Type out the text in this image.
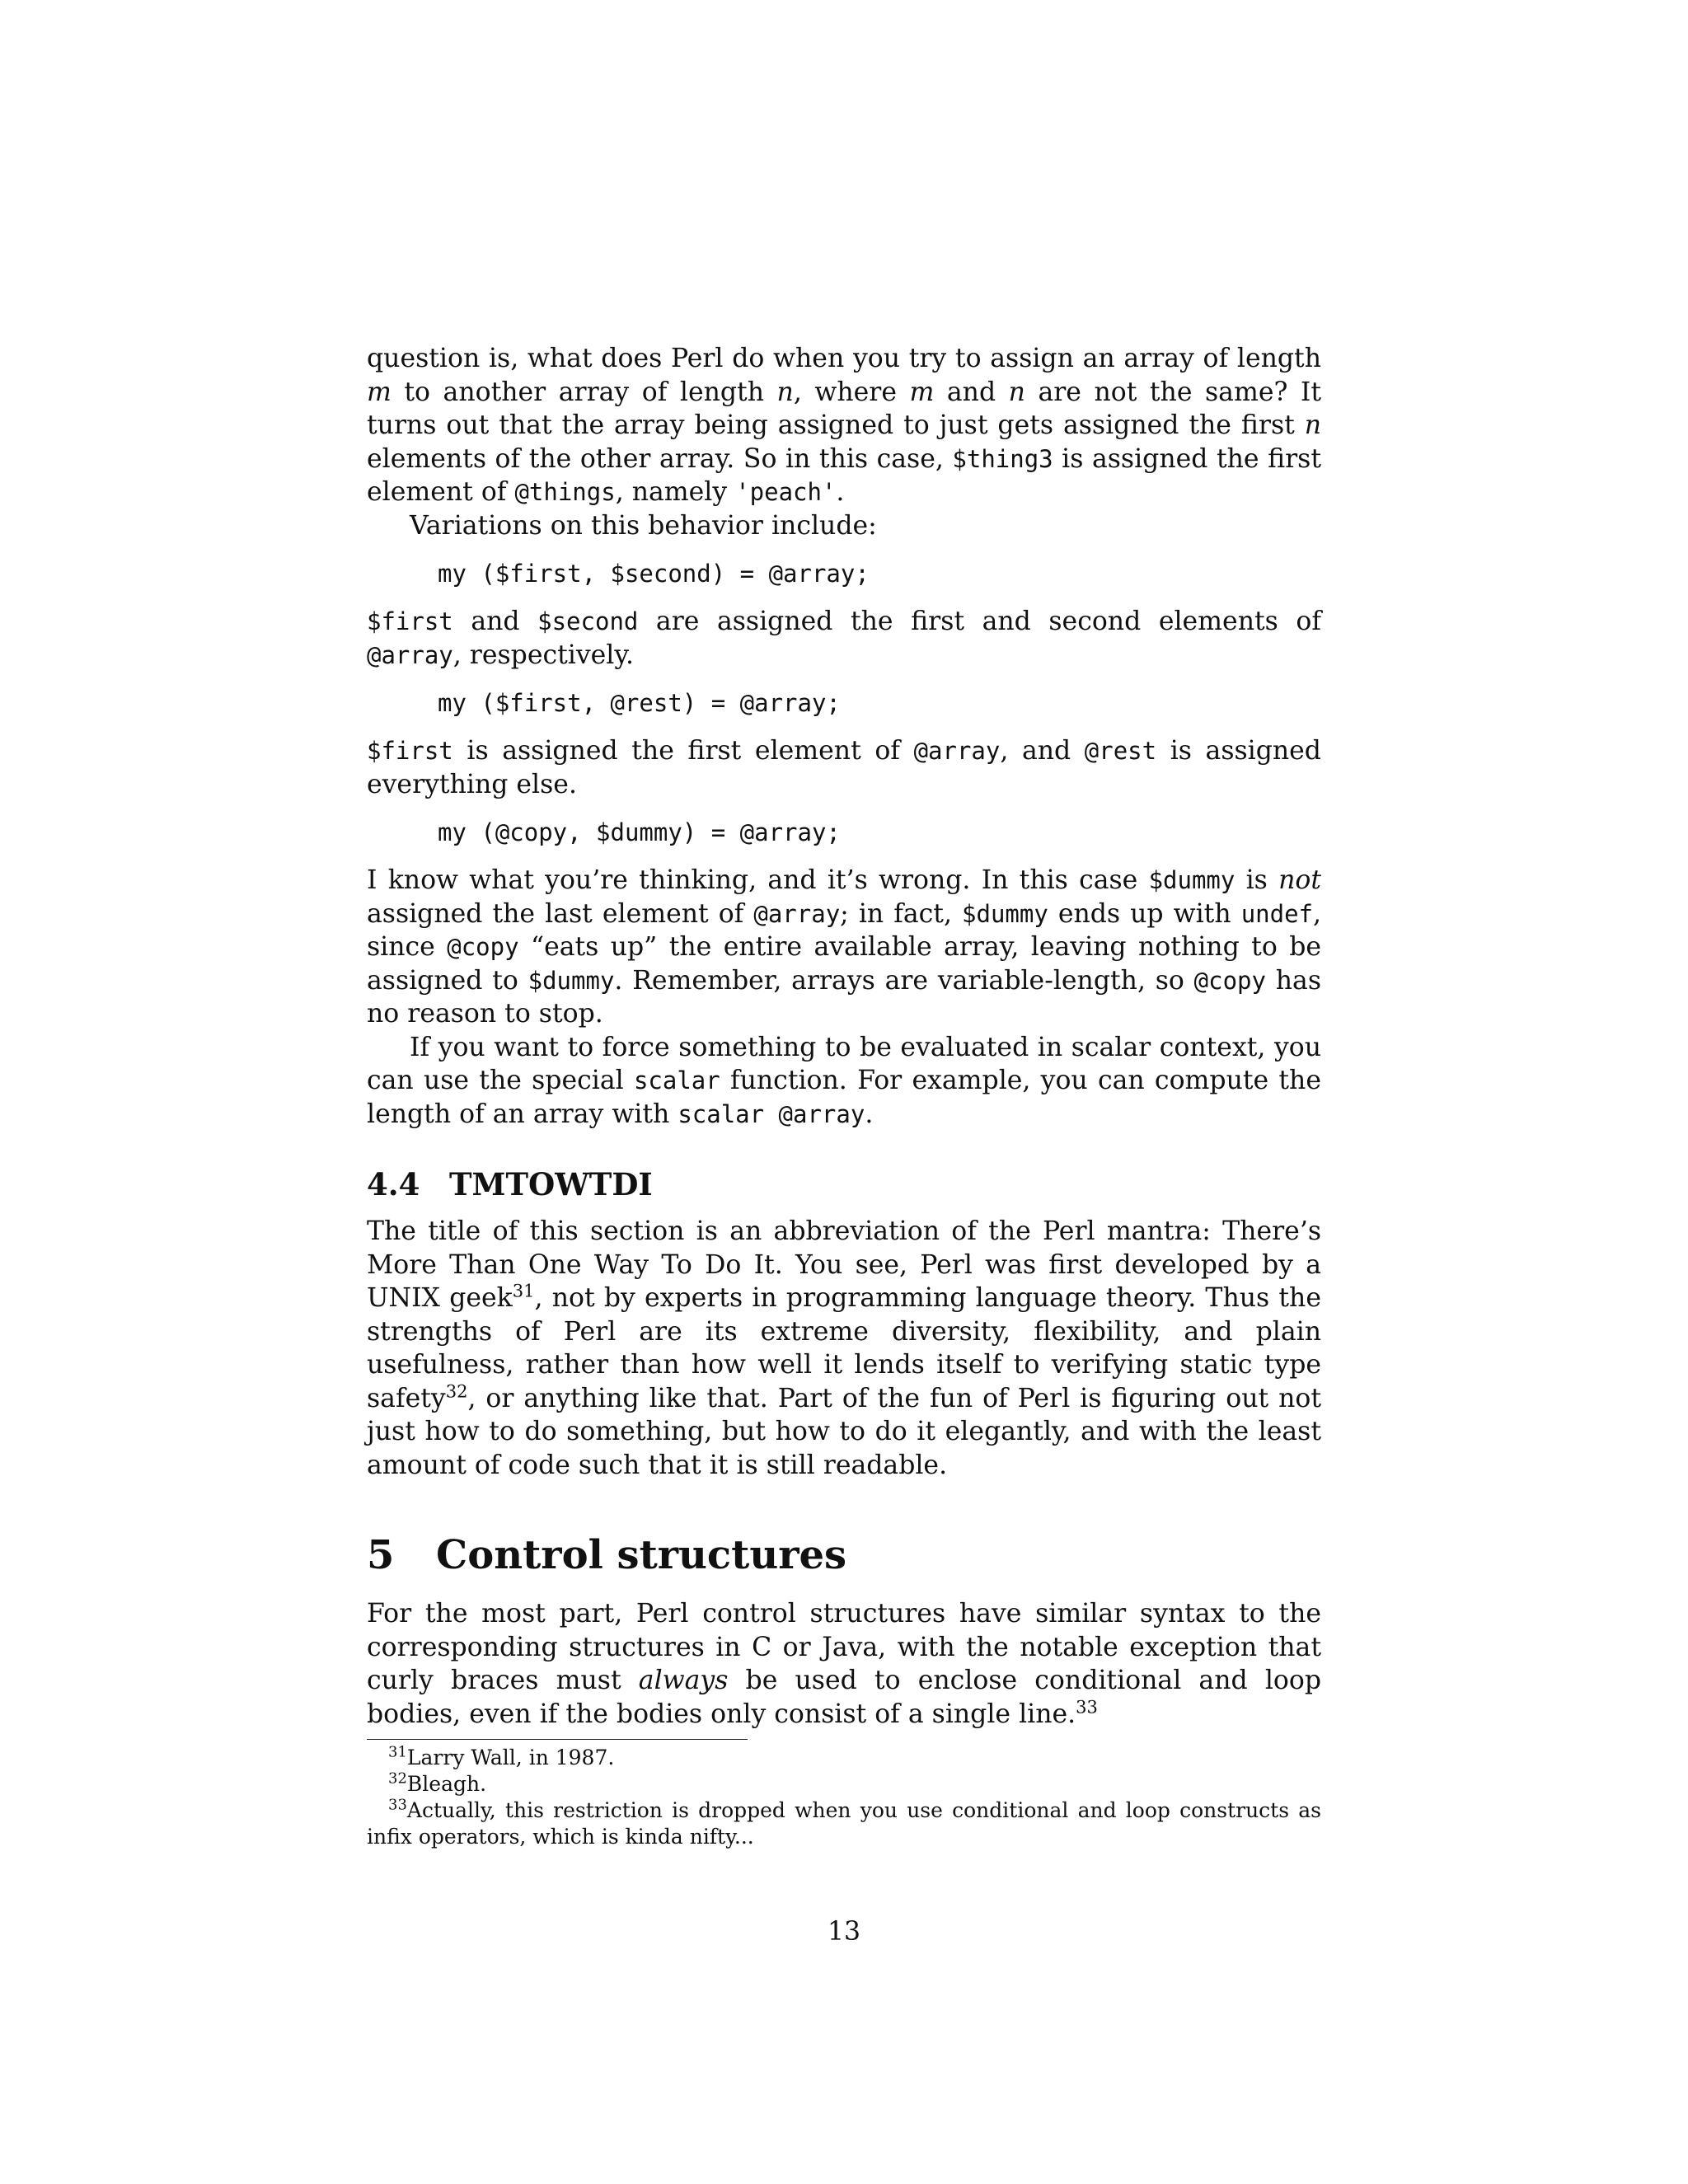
question is, what does Perl do when you try to assign an array of length m to another array of length n, where m and n are not the same? It turns out that the array being assigned to just gets assigned the first n elements of the other array. So in this case, $thing3 is assigned the first element of @things, namely 'peach'.

Variations on this behavior include:

my ($first, $second) = @array;

$first and $second are assigned the first and second elements of @array, respectively.

my ($first, @rest) = @array;

$first is assigned the first element of @array, and @rest is assigned everything else.

my (@copy, $dummy) = @array;

I know what you’re thinking, and it’s wrong. In this case $dummy is not assigned the last element of @array; in fact, $dummy ends up with undef, since @copy “eats up” the entire available array, leaving nothing to be assigned to $dummy. Remember, arrays are variable-length, so @copy has no reason to stop.

If you want to force something to be evaluated in scalar context, you can use the special scalar function. For example, you can compute the length of an array with scalar @array.

4.4 TMTOWTDI

The title of this section is an abbreviation of the Perl mantra: There’s More Than One Way To Do It. You see, Perl was first developed by a UNIX geek$^{31}$, not by experts in programming language theory. Thus the strengths of Perl are its extreme diversity, flexibility, and plain usefulness, rather than how well it lends itself to verifying static type safety$^{32}$, or anything like that. Part of the fun of Perl is figuring out not just how to do something, but how to do it elegantly, and with the least amount of code such that it is still readable.

5 Control structures

For the most part, Perl control structures have similar syntax to the corresponding structures in C or Java, with the notable exception that curly braces must always be used to enclose conditional and loop bodies, even if the bodies only consist of a single line.$^{33}$

$^{31}$Larry Wall, in 1987.

$^{32}$Bleagh.

$^{33}$Actually, this restriction is dropped when you use conditional and loop constructs as infix operators, which is kinda nifty...

13
